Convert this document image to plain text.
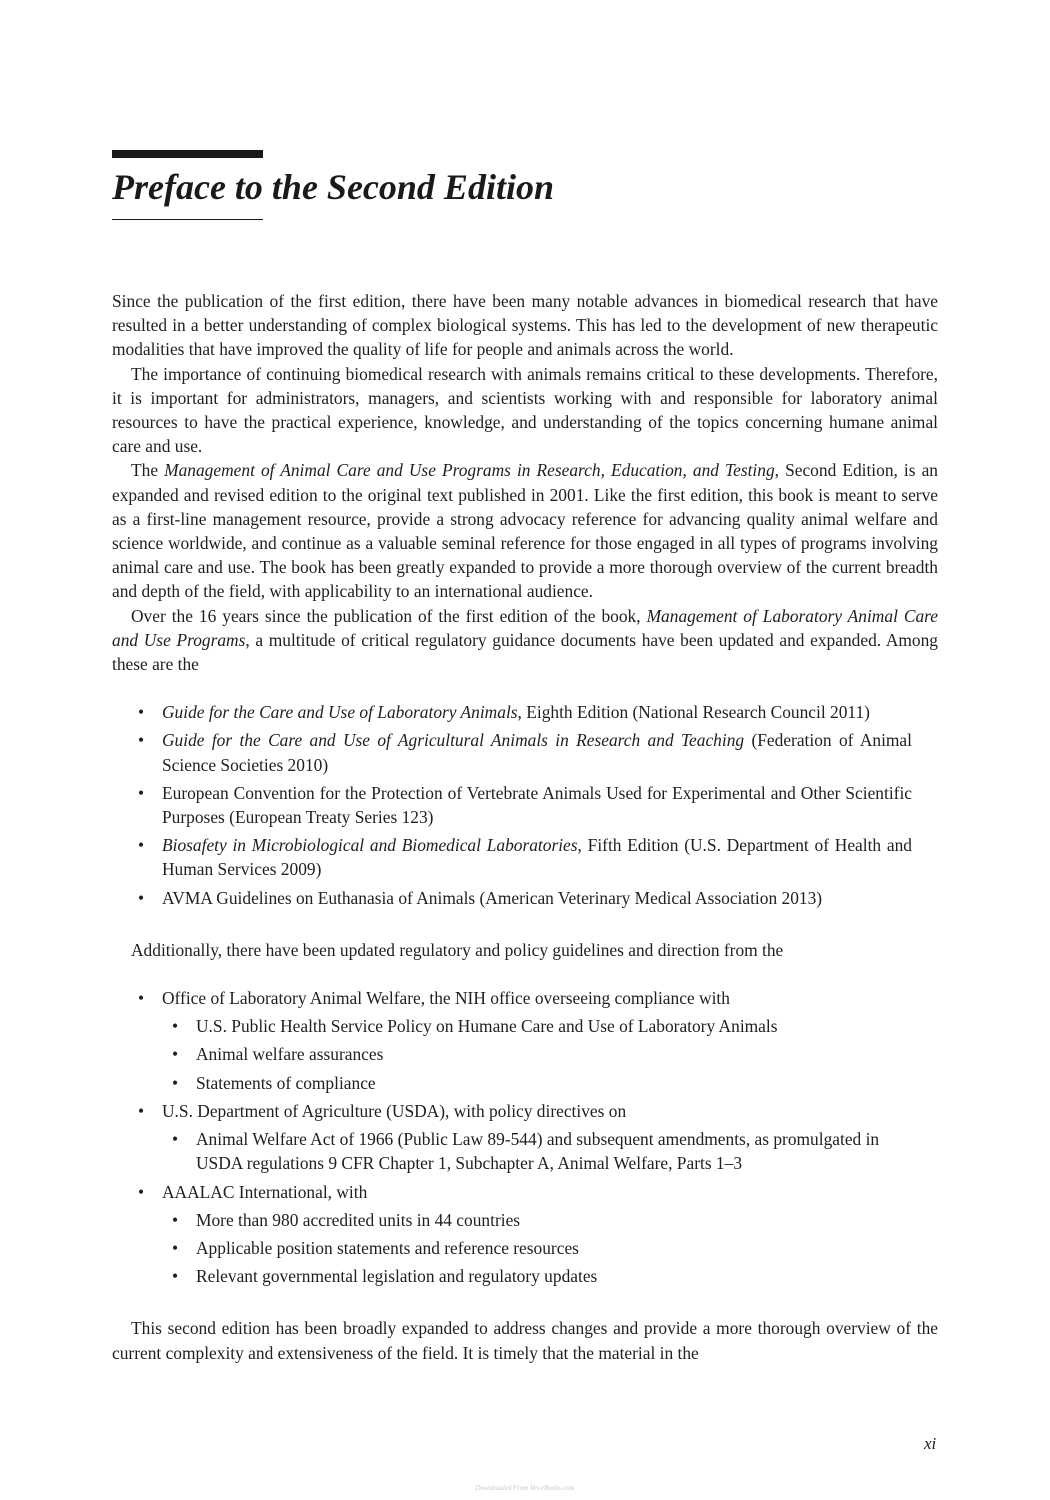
Preface to the Second Edition

Since the publication of the first edition, there have been many notable advances in biomedical research that have resulted in a better understanding of complex biological systems. This has led to the development of new therapeutic modalities that have improved the quality of life for people and animals across the world.

The importance of continuing biomedical research with animals remains critical to these developments. Therefore, it is important for administrators, managers, and scientists working with and responsible for laboratory animal resources to have the practical experience, knowledge, and understanding of the topics concerning humane animal care and use.

The Management of Animal Care and Use Programs in Research, Education, and Testing, Second Edition, is an expanded and revised edition to the original text published in 2001. Like the first edition, this book is meant to serve as a first-line management resource, provide a strong advocacy reference for advancing quality animal welfare and science worldwide, and continue as a valuable seminal reference for those engaged in all types of programs involving animal care and use. The book has been greatly expanded to provide a more thorough overview of the current breadth and depth of the field, with applicability to an international audience.

Over the 16 years since the publication of the first edition of the book, Management of Laboratory Animal Care and Use Programs, a multitude of critical regulatory guidance documents have been updated and expanded. Among these are the

• Guide for the Care and Use of Laboratory Animals, Eighth Edition (National Research Council 2011)
• Guide for the Care and Use of Agricultural Animals in Research and Teaching (Federation of Animal Science Societies 2010)
• European Convention for the Protection of Vertebrate Animals Used for Experimental and Other Scientific Purposes (European Treaty Series 123)
• Biosafety in Microbiological and Biomedical Laboratories, Fifth Edition (U.S. Department of Health and Human Services 2009)
• AVMA Guidelines on Euthanasia of Animals (American Veterinary Medical Association 2013)

Additionally, there have been updated regulatory and policy guidelines and direction from the

• Office of Laboratory Animal Welfare, the NIH office overseeing compliance with
• U.S. Public Health Service Policy on Humane Care and Use of Laboratory Animals
• Animal welfare assurances
• Statements of compliance
• U.S. Department of Agriculture (USDA), with policy directives on
• Animal Welfare Act of 1966 (Public Law 89-544) and subsequent amendments, as promulgated in USDA regulations 9 CFR Chapter 1, Subchapter A, Animal Welfare, Parts 1–3
• AAALAC International, with
• More than 980 accredited units in 44 countries
• Applicable position statements and reference resources
• Relevant governmental legislation and regulatory updates

This second edition has been broadly expanded to address changes and provide a more thorough overview of the current complexity and extensiveness of the field. It is timely that the material in the

xi
Downloaded From Vet-eBooks.com
